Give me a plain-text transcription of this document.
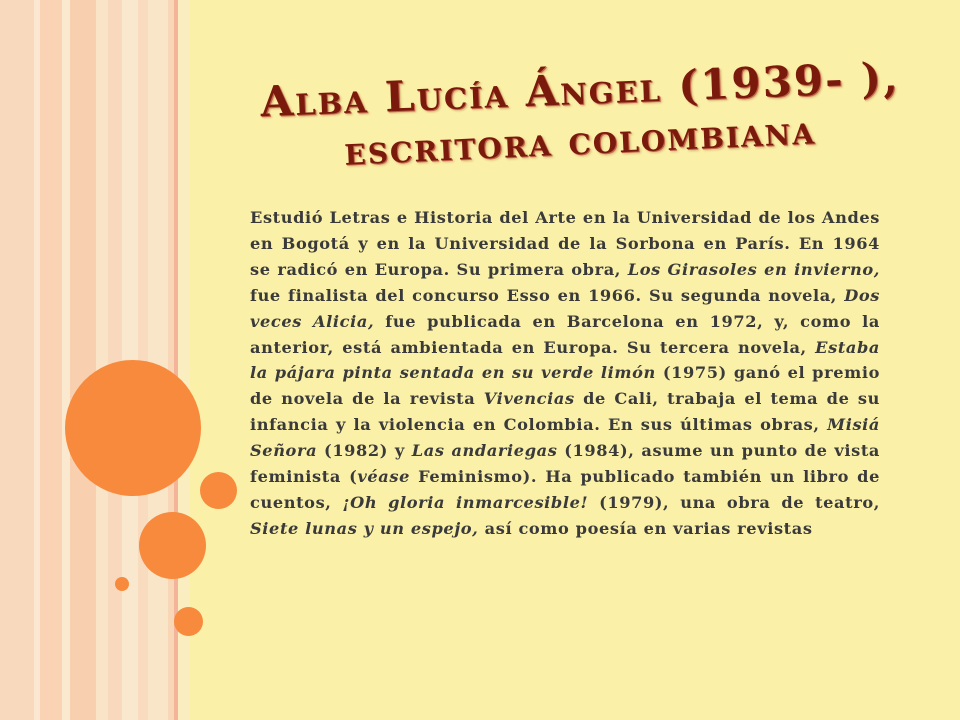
Alba Lucía Ángel (1939- ),
escritora colombiana
Estudió Letras e Historia del Arte en la Universidad de los Andes en Bogotá y en la Universidad de la Sorbona en París. En 1964 se radicó en Europa. Su primera obra, Los Girasoles en invierno, fue finalista del concurso Esso en 1966. Su segunda novela, Dos veces Alicia, fue publicada en Barcelona en 1972, y, como la anterior, está ambientada en Europa. Su tercera novela, Estaba la pájara pinta sentada en su verde limón (1975) ganó el premio de novela de la revista Vivencias de Cali, trabaja el tema de su infancia y la violencia en Colombia. En sus últimas obras, Misiá Señora (1982) y Las andariegas (1984), asume un punto de vista feminista (véase Feminismo). Ha publicado también un libro de cuentos, ¡Oh gloria inmarcesible! (1979), una obra de teatro, Siete lunas y un espejo, así como poesía en varias revistas
